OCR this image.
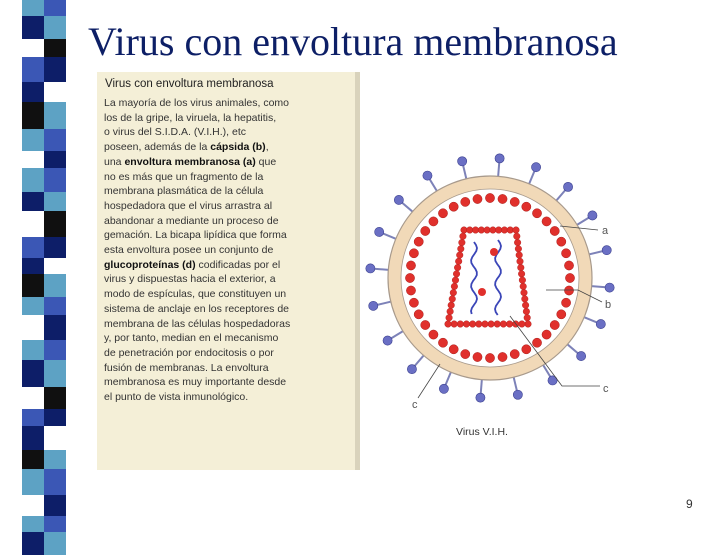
Virus con envoltura membranosa
Virus con envoltura membranosa
La mayoría de los virus animales, como
los de la gripe, la viruela, la hepatitis,
o virus del S.I.D.A. (V.I.H.), etc
poseen, además de la cápsida (b),
una envoltura membranosa (a) que
no es más que un fragmento de la
membrana plasmática de la célula
hospedadora que el virus arrastra al
abandonar a mediante un proceso de
gemación. La bicapa lipídica que forma
esta envoltura posee un conjunto de
glucoproteínas (d) codificadas por el
virus y dispuestas hacia el exterior, a
modo de espículas, que constituyen un
sistema de anclaje en los receptores de
membrana de las células hospedadoras
y, por tanto, median en el mecanismo
de penetración por endocitosis o por
fusión de membranas. La envoltura
membranosa es muy importante desde
el punto de vista inmunológico.
a
b
c
c
Virus V.I.H.
9
